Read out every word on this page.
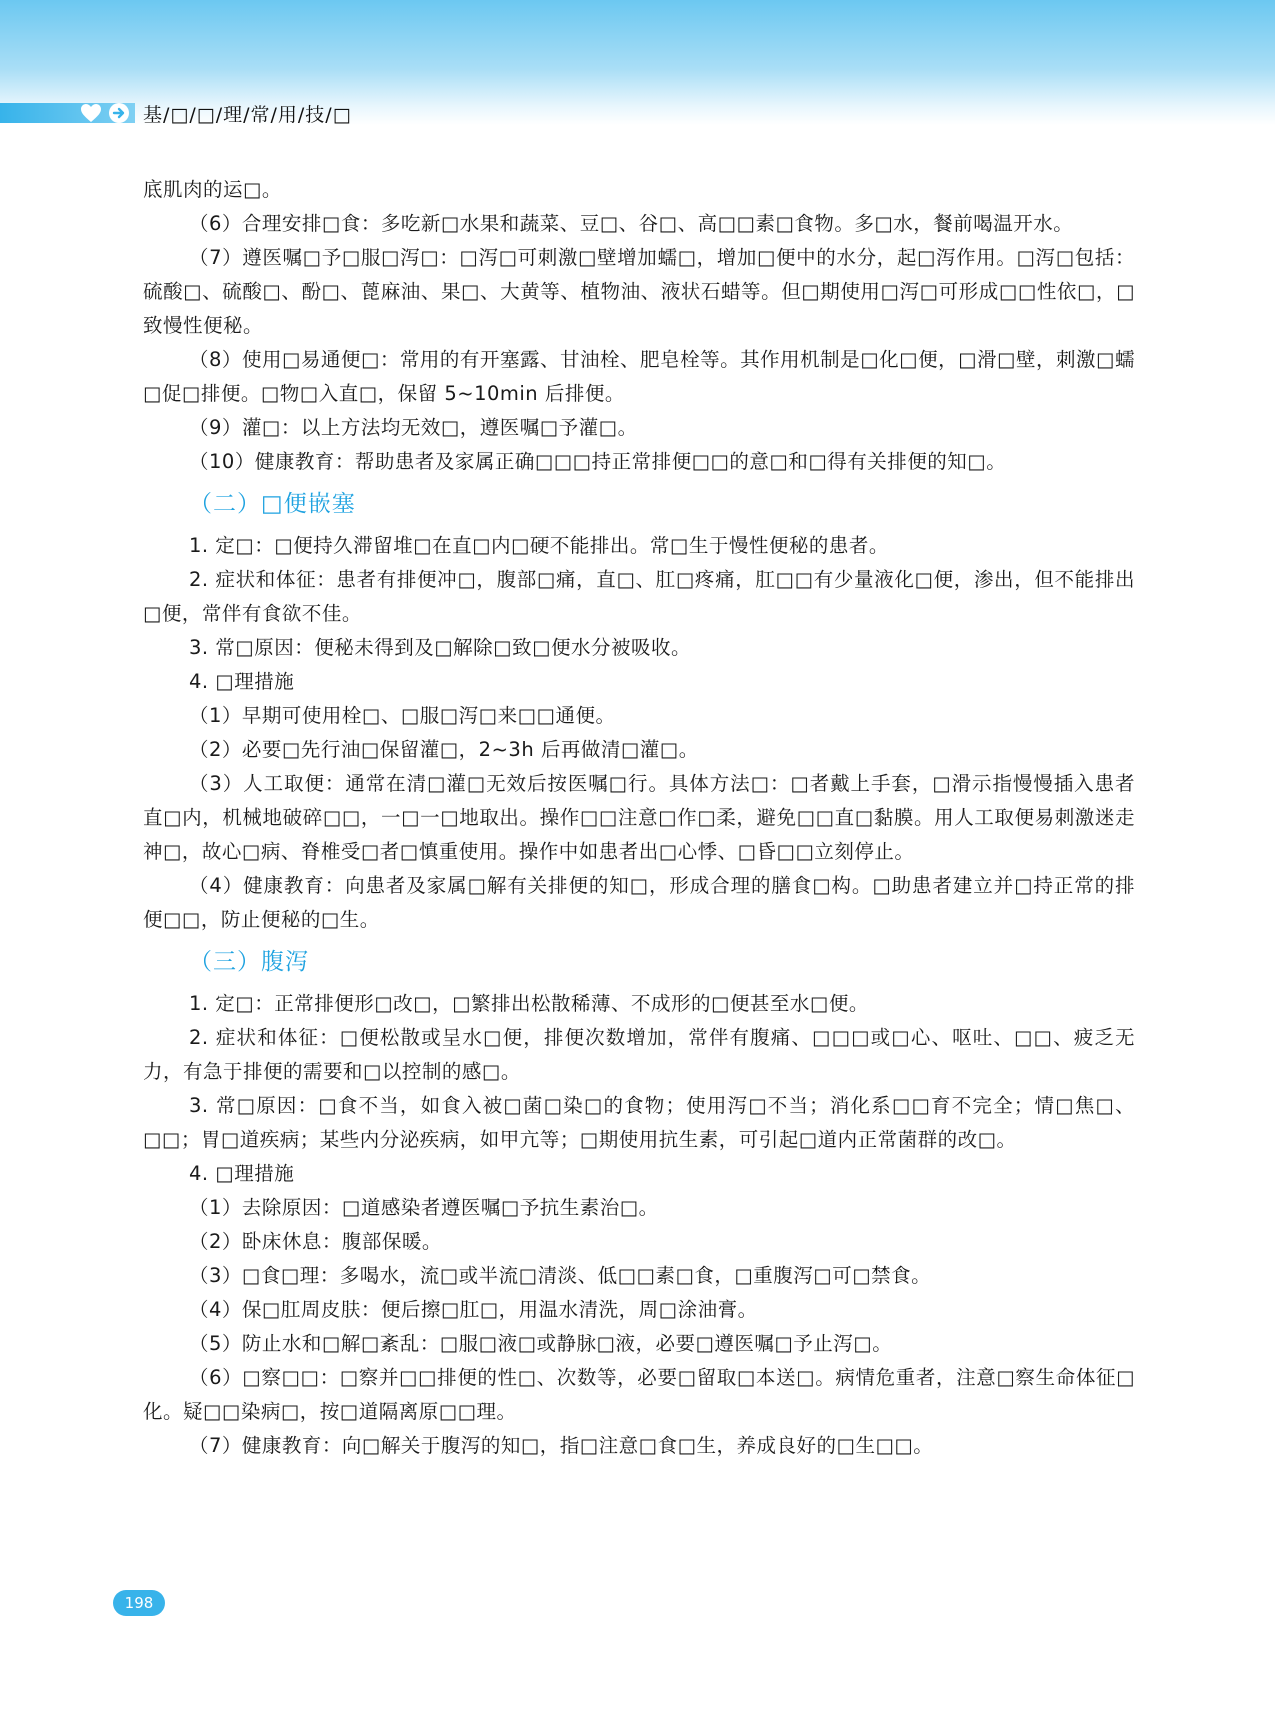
基/□/□/理/常/用/技/□

底肌肉的运□。

（6）合理安排□食：多吃新□水果和蔬菜、豆□、谷□、高□□素□食物。多□水，餐前喝温开水。

（7）遵医嘱□予□服□泻□：□泻□可刺激□壁增加蠕□，增加□便中的水分，起□泻作用。□泻□包括：硫酸□、硫酸□、酚□、蓖麻油、果□、大黄等、植物油、液状石蜡等。但□期使用□泻□可形成□□性依□，□致慢性便秘。

（8）使用□易通便□：常用的有开塞露、甘油栓、肥皂栓等。其作用机制是□化□便，□滑□壁，刺激□蠕□促□排便。□物□入直□，保留 5~10min 后排便。

（9）灌□：以上方法均无效□，遵医嘱□予灌□。

（10）健康教育：帮助患者及家属正确□□□持正常排便□□的意□和□得有关排便的知□。

（二）□便嵌塞

1. 定□：□便持久滞留堆□在直□内□硬不能排出。常□生于慢性便秘的患者。

2. 症状和体征：患者有排便冲□，腹部□痛，直□、肛□疼痛，肛□□有少量液化□便，渗出，但不能排出□便，常伴有食欲不佳。

3. 常□原因：便秘未得到及□解除□致□便水分被吸收。

4. □理措施

（1）早期可使用栓□、□服□泻□来□□通便。

（2）必要□先行油□保留灌□，2~3h 后再做清□灌□。

（3）人工取便：通常在清□灌□无效后按医嘱□行。具体方法□：□者戴上手套，□滑示指慢慢插入患者直□内，机械地破碎□□，一□一□地取出。操作□□注意□作□柔，避免□□直□黏膜。用人工取便易刺激迷走神□，故心□病、脊椎受□者□慎重使用。操作中如患者出□心悸、□昏□□立刻停止。

（4）健康教育：向患者及家属□解有关排便的知□，形成合理的膳食□构。□助患者建立并□持正常的排便□□，防止便秘的□生。

（三）腹泻

1. 定□：正常排便形□改□，□繁排出松散稀薄、不成形的□便甚至水□便。

2. 症状和体征：□便松散或呈水□便，排便次数增加，常伴有腹痛、□□□或□心、呕吐、□□、疲乏无力，有急于排便的需要和□以控制的感□。

3. 常□原因：□食不当，如食入被□菌□染□的食物；使用泻□不当；消化系□□育不完全；情□焦□、□□；胃□道疾病；某些内分泌疾病，如甲亢等；□期使用抗生素，可引起□道内正常菌群的改□。

4. □理措施

（1）去除原因：□道感染者遵医嘱□予抗生素治□。

（2）卧床休息：腹部保暖。

（3）□食□理：多喝水，流□或半流□清淡、低□□素□食，□重腹泻□可□禁食。

（4）保□肛周皮肤：便后擦□肛□，用温水清洗，周□涂油膏。

（5）防止水和□解□紊乱：□服□液□或静脉□液，必要□遵医嘱□予止泻□。

（6）□察□□：□察并□□排便的性□、次数等，必要□留取□本送□。病情危重者，注意□察生命体征□化。疑□□染病□，按□道隔离原□□理。

（7）健康教育：向□解关于腹泻的知□，指□注意□食□生，养成良好的□生□□。

198
